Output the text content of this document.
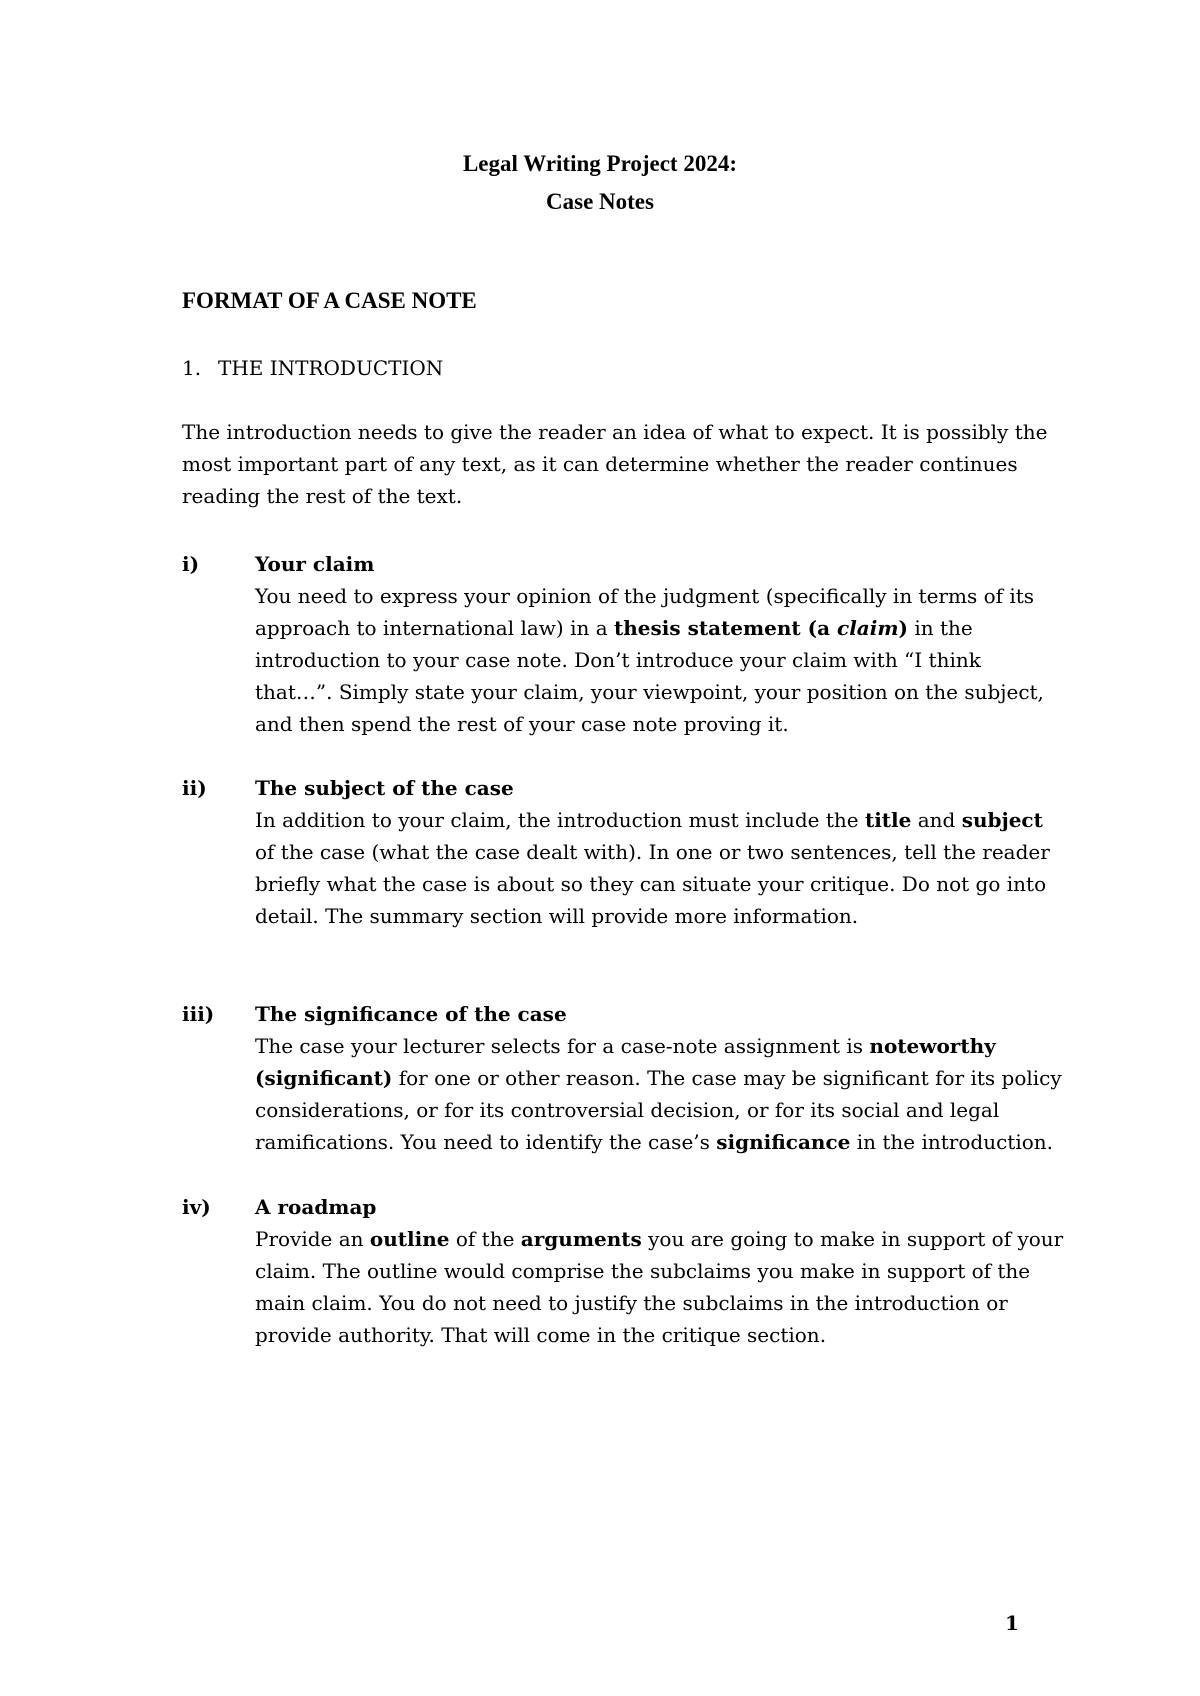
Legal Writing Project 2024:
Case Notes
FORMAT OF A CASE NOTE
1. THE INTRODUCTION
The introduction needs to give the reader an idea of what to expect. It is possibly the
most important part of any text, as it can determine whether the reader continues
reading the rest of the text.
i)	Your claim
You need to express your opinion of the judgment (specifically in terms of its
approach to international law) in a thesis statement (a claim) in the
introduction to your case note. Don’t introduce your claim with “I think
that…”. Simply state your claim, your viewpoint, your position on the subject,
and then spend the rest of your case note proving it.
ii) The subject of the case
In addition to your claim, the introduction must include the title and subject
of the case (what the case dealt with). In one or two sentences, tell the reader
briefly what the case is about so they can situate your critique. Do not go into
detail. The summary section will provide more information.
iii) The significance of the case
The case your lecturer selects for a case-note assignment is noteworthy
(significant) for one or other reason. The case may be significant for its policy
considerations, or for its controversial decision, or for its social and legal
ramifications. You need to identify the case’s significance in the introduction.
iv) A roadmap
Provide an outline of the arguments you are going to make in support of your
claim. The outline would comprise the subclaims you make in support of the
main claim. You do not need to justify the subclaims in the introduction or
provide authority. That will come in the critique section.
1
